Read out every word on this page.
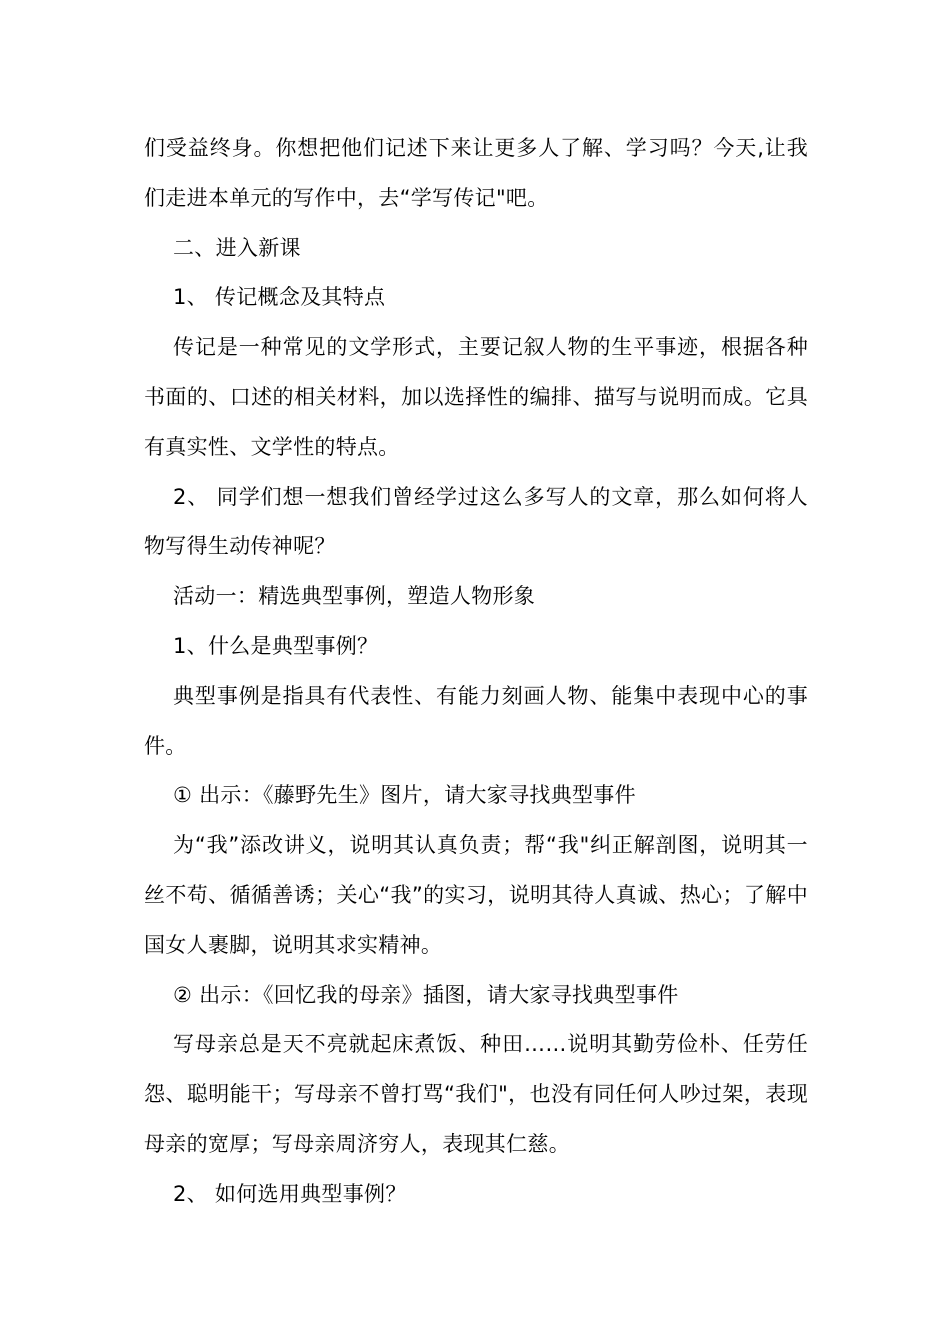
们受益终身。你想把他们记述下来让更多人了解、学习吗？今天,让我们走进本单元的写作中，去“学写传记"吧。

二、进入新课

1、 传记概念及其特点

传记是一种常见的文学形式，主要记叙人物的生平事迹，根据各种书面的、口述的相关材料，加以选择性的编排、描写与说明而成。它具有真实性、文学性的特点。

2、 同学们想一想我们曾经学过这么多写人的文章，那么如何将人物写得生动传神呢？

活动一：精选典型事例，塑造人物形象

1、什么是典型事例？

典型事例是指具有代表性、有能力刻画人物、能集中表现中心的事件。

① 出示：《藤野先生》图片，请大家寻找典型事件

为“我”添改讲义，说明其认真负责；帮“我"纠正解剖图，说明其一丝不苟、循循善诱；关心“我”的实习，说明其待人真诚、热心；了解中国女人裹脚，说明其求实精神。

② 出示：《回忆我的母亲》插图，请大家寻找典型事件

写母亲总是天不亮就起床煮饭、种田……说明其勤劳俭朴、任劳任怨、聪明能干；写母亲不曾打骂“我们"，也没有同任何人吵过架，表现母亲的宽厚；写母亲周济穷人，表现其仁慈。

2、 如何选用典型事例？
